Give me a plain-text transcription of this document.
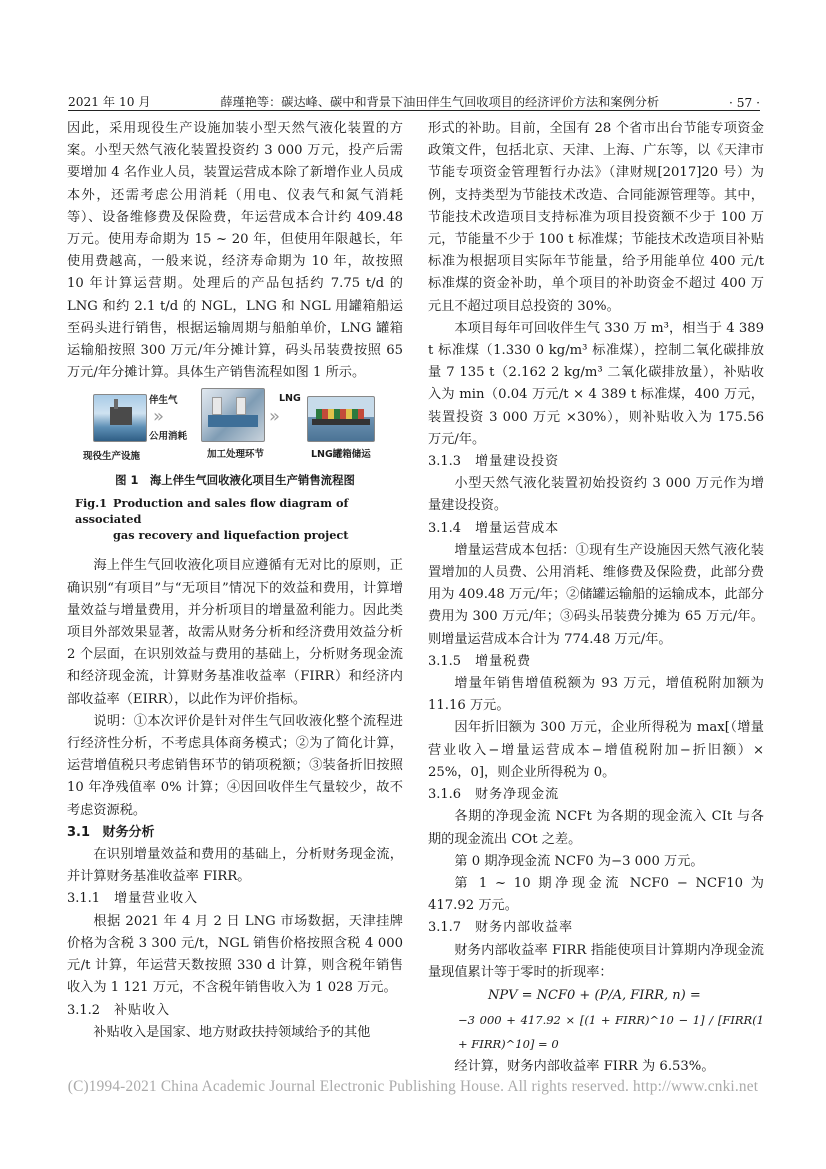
2021 年 10 月	薛瑾艳等：碳达峰、碳中和背景下油田伴生气回收项目的经济评价方法和案例分析	· 57 ·

因此，采用现役生产设施加装小型天然气液化装置的方案。小型天然气液化装置投资约 3 000 万元，投产后需要增加 4 名作业人员，装置运营成本除了新增作业人员成本外，还需考虑公用消耗（用电、仪表气和氮气消耗等）、设备维修费及保险费，年运营成本合计约 409.48 万元。使用寿命期为 15 ~ 20 年，但使用年限越长，年使用费越高，一般来说，经济寿命期为 10 年，故按照 10 年计算运营期。处理后的产品包括约 7.75 t/d 的 LNG 和约 2.1 t/d 的 NGL，LNG 和 NGL 用罐箱船运至码头进行销售，根据运输周期与船舶单价，LNG 罐箱运输船按照 300 万元/年分摊计算，码头吊装费按照 65 万元/年分摊计算。具体生产销售流程如图 1 所示。

伴生气
»
公用消耗
现役生产设施	加工处理环节
»
LNG
LNG罐箱储运
图 1　海上伴生气回收液化项目生产销售流程图
Fig.1 Production and sales flow diagram of associated
gas recovery and liquefaction project

海上伴生气回收液化项目应遵循有无对比的原则，正确识别“有项目”与“无项目”情况下的效益和费用，计算增量效益与增量费用，并分析项目的增量盈利能力。因此类项目外部效果显著，故需从财务分析和经济费用效益分析 2 个层面，在识别效益与费用的基础上，分析财务现金流和经济现金流，计算财务基准收益率（FIRR）和经济内部收益率（EIRR），以此作为评价指标。

说明：①本次评价是针对伴生气回收液化整个流程进行经济性分析，不考虑具体商务模式；②为了简化计算，运营增值税只考虑销售环节的销项税额；③装备折旧按照 10 年净残值率 0% 计算；④因回收伴生气量较少，故不考虑资源税。

3.1 财务分析

在识别增量效益和费用的基础上，分析财务现金流，并计算财务基准收益率 FIRR。

3.1.1 增量营业收入

根据 2021 年 4 月 2 日 LNG 市场数据，天津挂牌价格为含税 3 300 元/t，NGL 销售价格按照含税 4 000 元/t 计算，年运营天数按照 330 d 计算，则含税年销售收入为 1 121 万元，不含税年销售收入为 1 028 万元。

3.1.2 补贴收入

补贴收入是国家、地方财政扶持领域给予的其他

形式的补助。目前，全国有 28 个省市出台节能专项资金政策文件，包括北京、天津、上海、广东等，以《天津市节能专项资金管理暂行办法》（津财规[2017]20 号）为例，支持类型为节能技术改造、合同能源管理等。其中，节能技术改造项目支持标准为项目投资额不少于 100 万元，节能量不少于 100 t 标准煤；节能技术改造项目补贴标准为根据项目实际年节能量，给予用能单位 400 元/t 标准煤的资金补助，单个项目的补助资金不超过 400 万元且不超过项目总投资的 30%。

本项目每年可回收伴生气 330 万 m³，相当于 4 389 t 标准煤（1.330 0 kg/m³ 标准煤），控制二氧化碳排放量 7 135 t（2.162 2 kg/m³ 二氧化碳排放量），补贴收入为 min（0.04 万元/t × 4 389 t 标准煤，400 万元，装置投资 3 000 万元 ×30%），则补贴收入为 175.56 万元/年。

3.1.3 增量建设投资

小型天然气液化装置初始投资约 3 000 万元作为增量建设投资。

3.1.4 增量运营成本

增量运营成本包括：①现有生产设施因天然气液化装置增加的人员费、公用消耗、维修费及保险费，此部分费用为 409.48 万元/年；②储罐运输船的运输成本，此部分费用为 300 万元/年；③码头吊装费分摊为 65 万元/年。则增量运营成本合计为 774.48 万元/年。

3.1.5 增量税费

增量年销售增值税额为 93 万元，增值税附加额为 11.16 万元。

因年折旧额为 300 万元，企业所得税为 max[（增量营业收入−增量运营成本−增值税附加−折旧额）× 25%，0]，则企业所得税为 0。

3.1.6 财务净现金流

各期的净现金流 NCFt 为各期的现金流入 CIt 与各期的现金流出 COt 之差。

第 0 期净现金流 NCF0 为−3 000 万元。

第 1 ~ 10 期净现金流 NCF0 − NCF10 为 417.92 万元。

3.1.7 财务内部收益率

财务内部收益率 FIRR 指能使项目计算期内净现金流量现值累计等于零时的折现率：

NPV = NCF0 + (P/A, FIRR, n) =

−3 000 + 417.92 × [(1 + FIRR)^10 − 1] / [FIRR(1 + FIRR)^10] = 0

经计算，财务内部收益率 FIRR 为 6.53%。

(C)1994-2021 China Academic Journal Electronic Publishing House. All rights reserved. http://www.cnki.net
